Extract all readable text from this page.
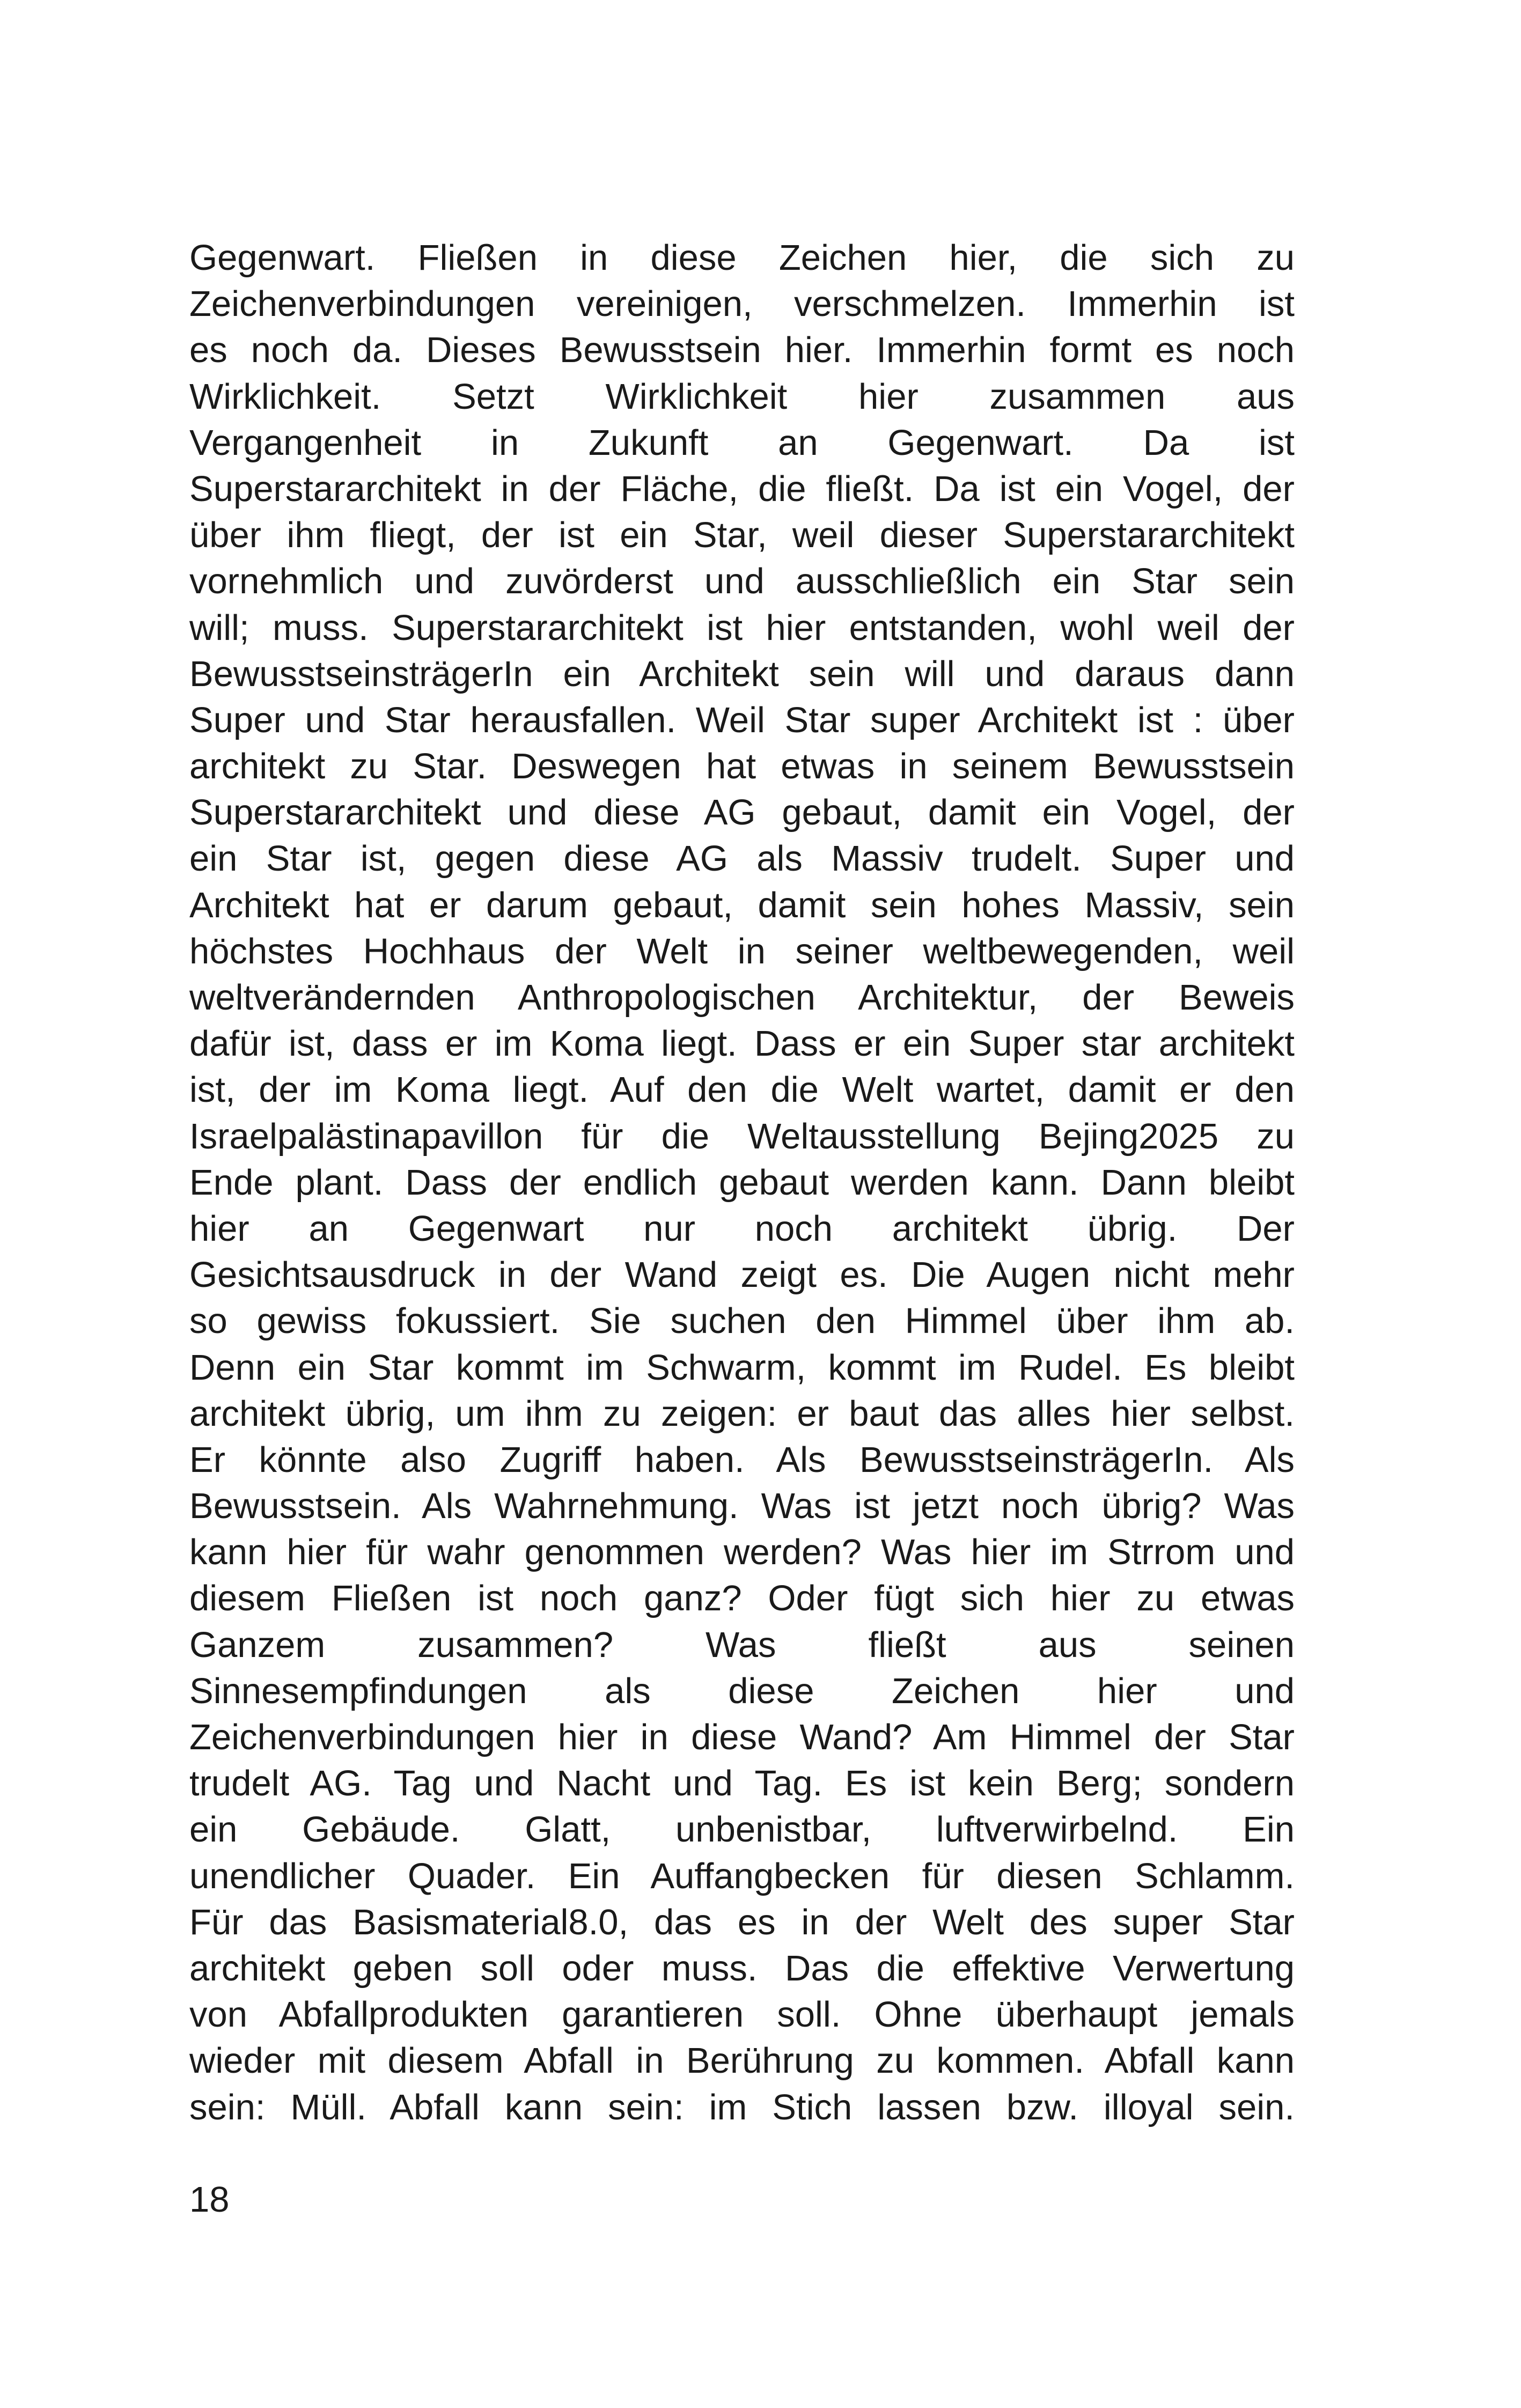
Gegenwart. Fließen in diese Zeichen hier, die sich zu
Zeichenverbindungen vereinigen, verschmelzen. Immerhin ist
es noch da. Dieses Bewusstsein hier. Immerhin formt es noch
Wirklichkeit. Setzt Wirklichkeit hier zusammen aus
Vergangenheit in Zukunft an Gegenwart. Da ist
Superstararchitekt in der Fläche, die fließt. Da ist ein Vogel, der
über ihm fliegt, der ist ein Star, weil dieser Superstararchitekt
vornehmlich und zuvörderst und ausschließlich ein Star sein
will; muss. Superstararchitekt ist hier entstanden, wohl weil der
BewusstseinsträgerIn ein Architekt sein will und daraus dann
Super und Star herausfallen. Weil Star super Architekt ist : über
architekt zu Star. Deswegen hat etwas in seinem Bewusstsein
Superstararchitekt und diese AG gebaut, damit ein Vogel, der
ein Star ist, gegen diese AG als Massiv trudelt. Super und
Architekt hat er darum gebaut, damit sein hohes Massiv, sein
höchstes Hochhaus der Welt in seiner weltbewegenden, weil
weltverändernden Anthropologischen Architektur, der Beweis
dafür ist, dass er im Koma liegt. Dass er ein Super star architekt
ist, der im Koma liegt. Auf den die Welt wartet, damit er den
Israelpalästinapavillon für die Weltausstellung Bejing2025 zu
Ende plant. Dass der endlich gebaut werden kann. Dann bleibt
hier an Gegenwart nur noch architekt übrig. Der
Gesichtsausdruck in der Wand zeigt es. Die Augen nicht mehr
so gewiss fokussiert. Sie suchen den Himmel über ihm ab.
Denn ein Star kommt im Schwarm, kommt im Rudel. Es bleibt
architekt übrig, um ihm zu zeigen: er baut das alles hier selbst.
Er könnte also Zugriff haben. Als BewusstseinsträgerIn. Als
Bewusstsein. Als Wahrnehmung. Was ist jetzt noch übrig? Was
kann hier für wahr genommen werden? Was hier im Strrom und
diesem Fließen ist noch ganz? Oder fügt sich hier zu etwas
Ganzem zusammen? Was fließt aus seinen
Sinnesempfindungen als diese Zeichen hier und
Zeichenverbindungen hier in diese Wand? Am Himmel der Star
trudelt AG. Tag und Nacht und Tag. Es ist kein Berg; sondern
ein Gebäude. Glatt, unbenistbar, luftverwirbelnd. Ein
unendlicher Quader. Ein Auffangbecken für diesen Schlamm.
Für das Basismaterial8.0, das es in der Welt des super Star
architekt geben soll oder muss. Das die effektive Verwertung
von Abfallprodukten garantieren soll. Ohne überhaupt jemals
wieder mit diesem Abfall in Berührung zu kommen. Abfall kann
sein: Müll. Abfall kann sein: im Stich lassen bzw. illoyal sein.
18
